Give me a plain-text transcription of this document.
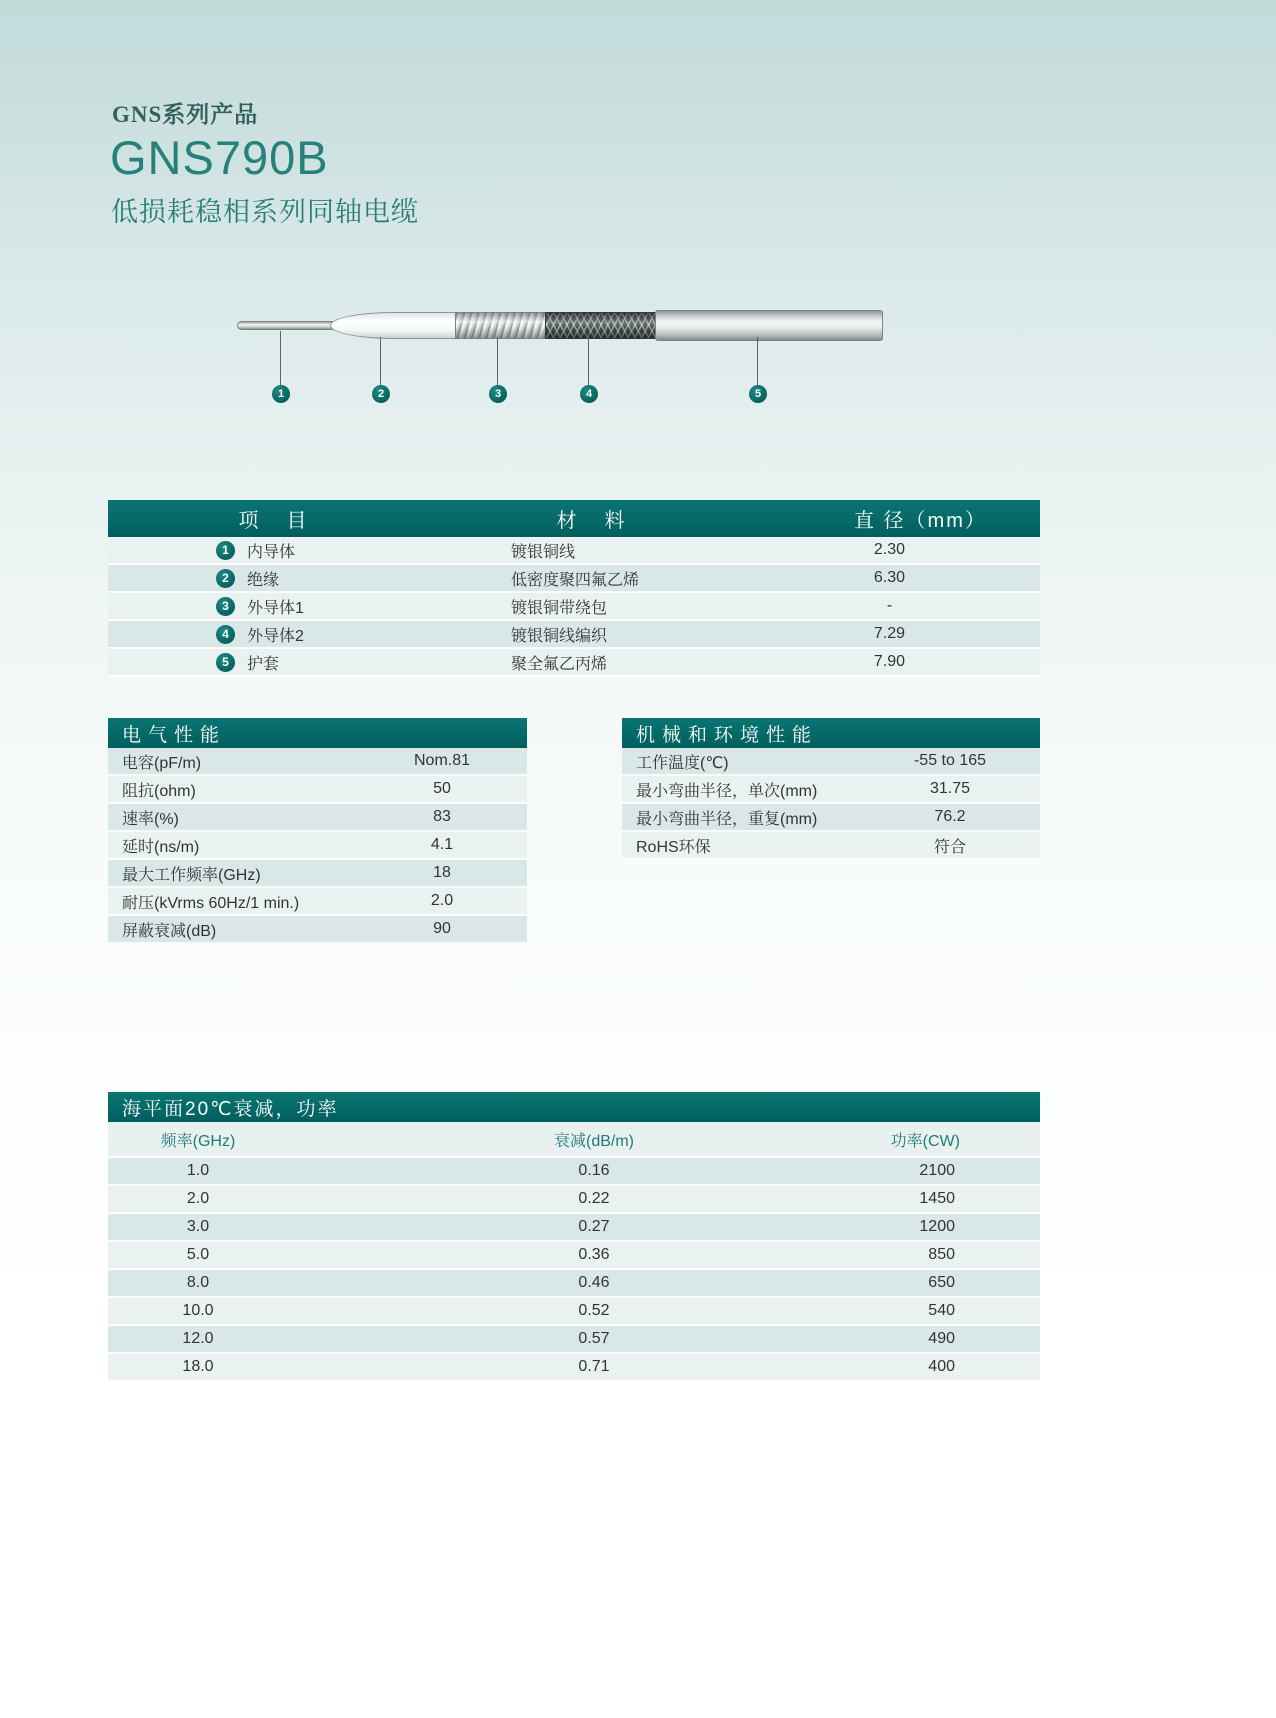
GNS系列产品
GNS790B
低损耗稳相系列同轴电缆
1	2	3	4	5
项　目	材　料	直 径（mm）
1	内导体	镀银铜线	2.30
2	绝缘	低密度聚四氟乙烯	6.30
3	外导体1	镀银铜带绕包	-
4	外导体2	镀银铜线编织	7.29
5	护套	聚全氟乙丙烯	7.90
电气性能
电容(pF/m)	Nom.81
阻抗(ohm)	50
速率(%)	83
延时(ns/m)	4.1
最大工作频率(GHz)	18
耐压(kVrms 60Hz/1 min.)	2.0
屏蔽衰减(dB)	90
机械和环境性能
工作温度(℃)	-55 to 165
最小弯曲半径，单次(mm)	31.75
最小弯曲半径，重复(mm)	76.2
RoHS环保	符合
海平面20℃衰减，功率
频率(GHz)	衰减(dB/m)	功率(CW)
1.0	0.16	2100
2.0	0.22	1450
3.0	0.27	1200
5.0	0.36	850
8.0	0.46	650
10.0	0.52	540
12.0	0.57	490
18.0	0.71	400
